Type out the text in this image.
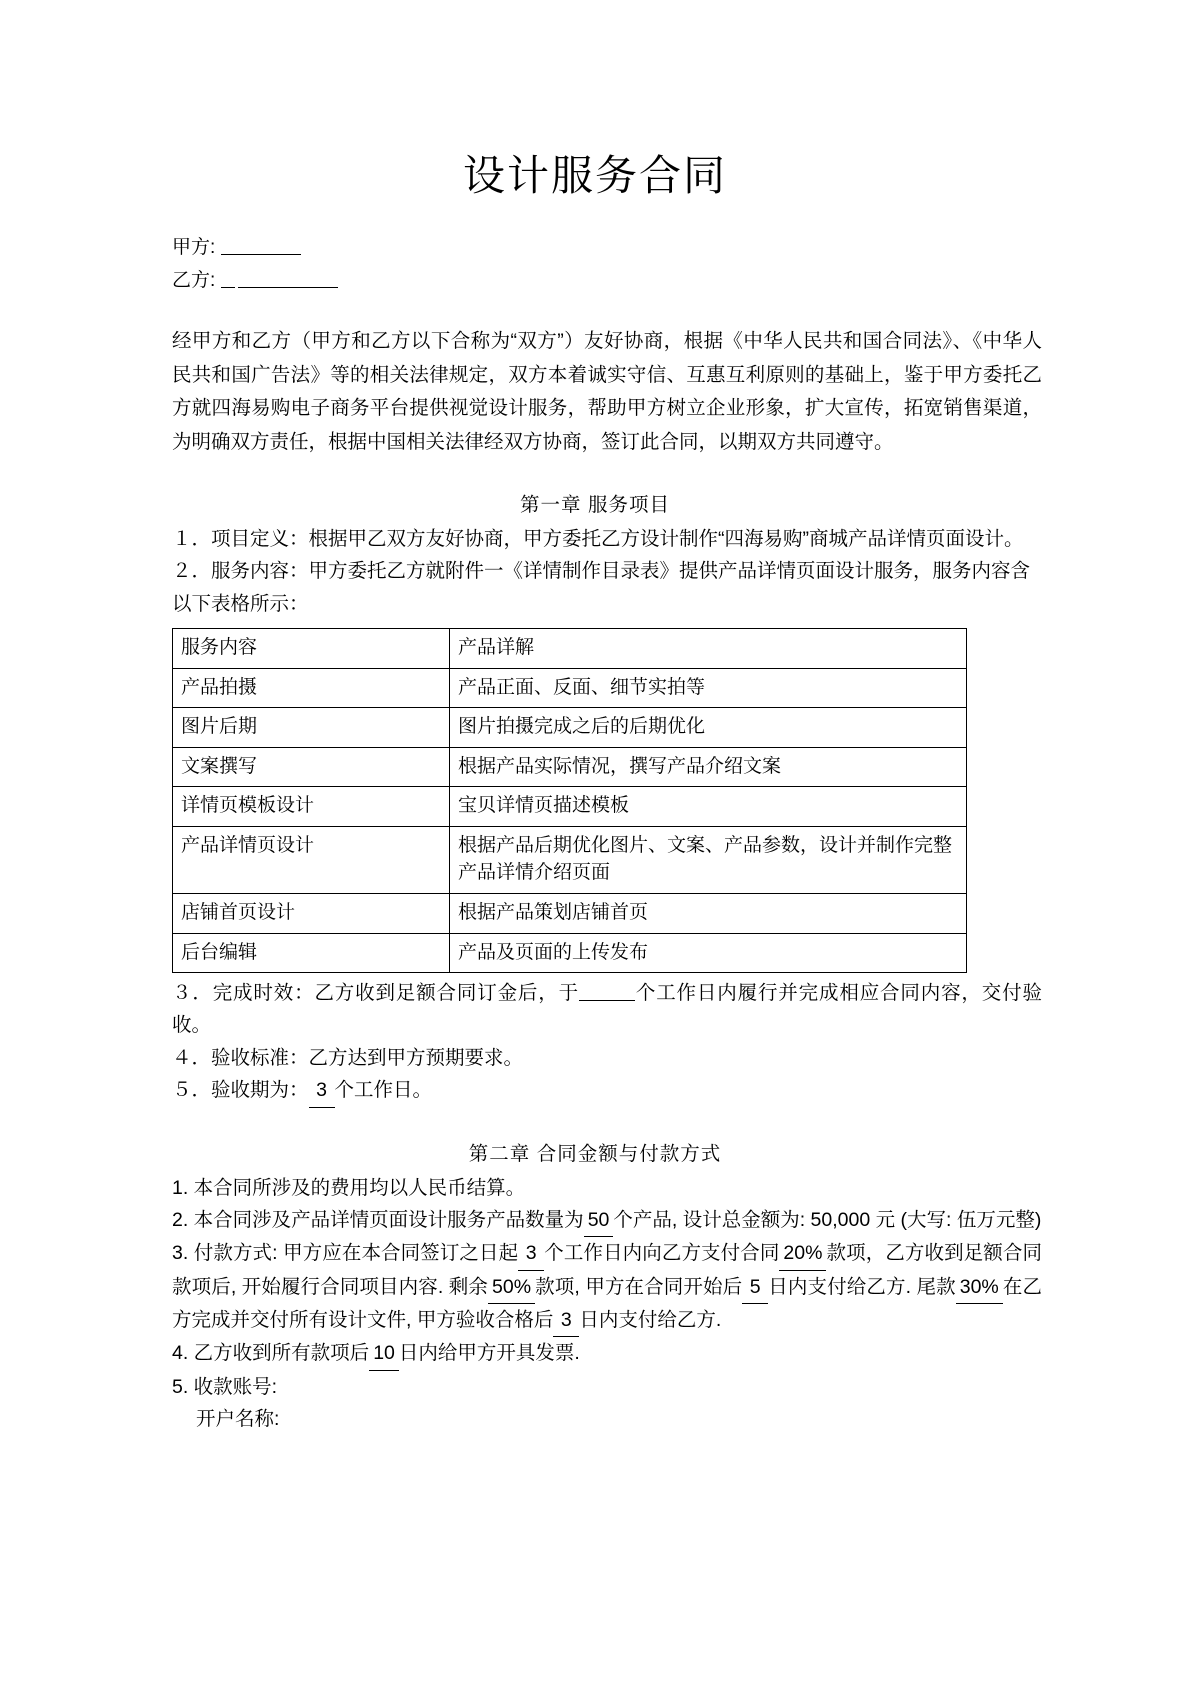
设计服务合同
甲方:
乙方:

经甲方和乙方（甲方和乙方以下合称为“双方”）友好协商，根据《中华人民共和国合同法》、《中华人民共和国广告法》等的相关法律规定，双方本着诚实守信、互惠互利原则的基础上，鉴于甲方委托乙方就四海易购电子商务平台提供视觉设计服务，帮助甲方树立企业形象，扩大宣传，拓宽销售渠道，为明确双方责任，根据中国相关法律经双方协商，签订此合同，以期双方共同遵守。

第一章 服务项目

１．项目定义：根据甲乙双方友好协商，甲方委托乙方设计制作“四海易购”商城产品详情页面设计。

２．服务内容：甲方委托乙方就附件一《详情制作目录表》提供产品详情页面设计服务，服务内容含

以下表格所示：

服务内容	产品详解
产品拍摄	产品正面、反面、细节实拍等
图片后期	图片拍摄完成之后的后期优化
文案撰写	根据产品实际情况，撰写产品介绍文案
详情页模板设计	宝贝详情页描述模板
产品详情页设计	根据产品后期优化图片、文案、产品参数，设计并制作完整产品详情介绍页面
店铺首页设计	根据产品策划店铺首页
后台编辑	产品及页面的上传发布

３．完成时效：乙方收到足额合同订金后，于	个工作日内履行并完成相应合同内容，交付验收。

４．验收标准：乙方达到甲方预期要求。

５．验收期为： 3 个工作日。

第二章 合同金额与付款方式

1. 本合同所涉及的费用均以人民币结算。

2. 本合同涉及产品详情页面设计服务产品数量为 50 个产品, 设计总金额为: 50,000 元 (大写: 伍万元整)

3. 付款方式: 甲方应在本合同签订之日起 3 个工作日内向乙方支付合同 20% 款项，乙方收到足额合同款项后, 开始履行合同项目内容. 剩余 50% 款项, 甲方在合同开始后 5 日内支付给乙方. 尾款 30% 在乙方完成并交付所有设计文件, 甲方验收合格后 3 日内支付给乙方.

4. 乙方收到所有款项后 10 日内给甲方开具发票.

5. 收款账号:

开户名称:
